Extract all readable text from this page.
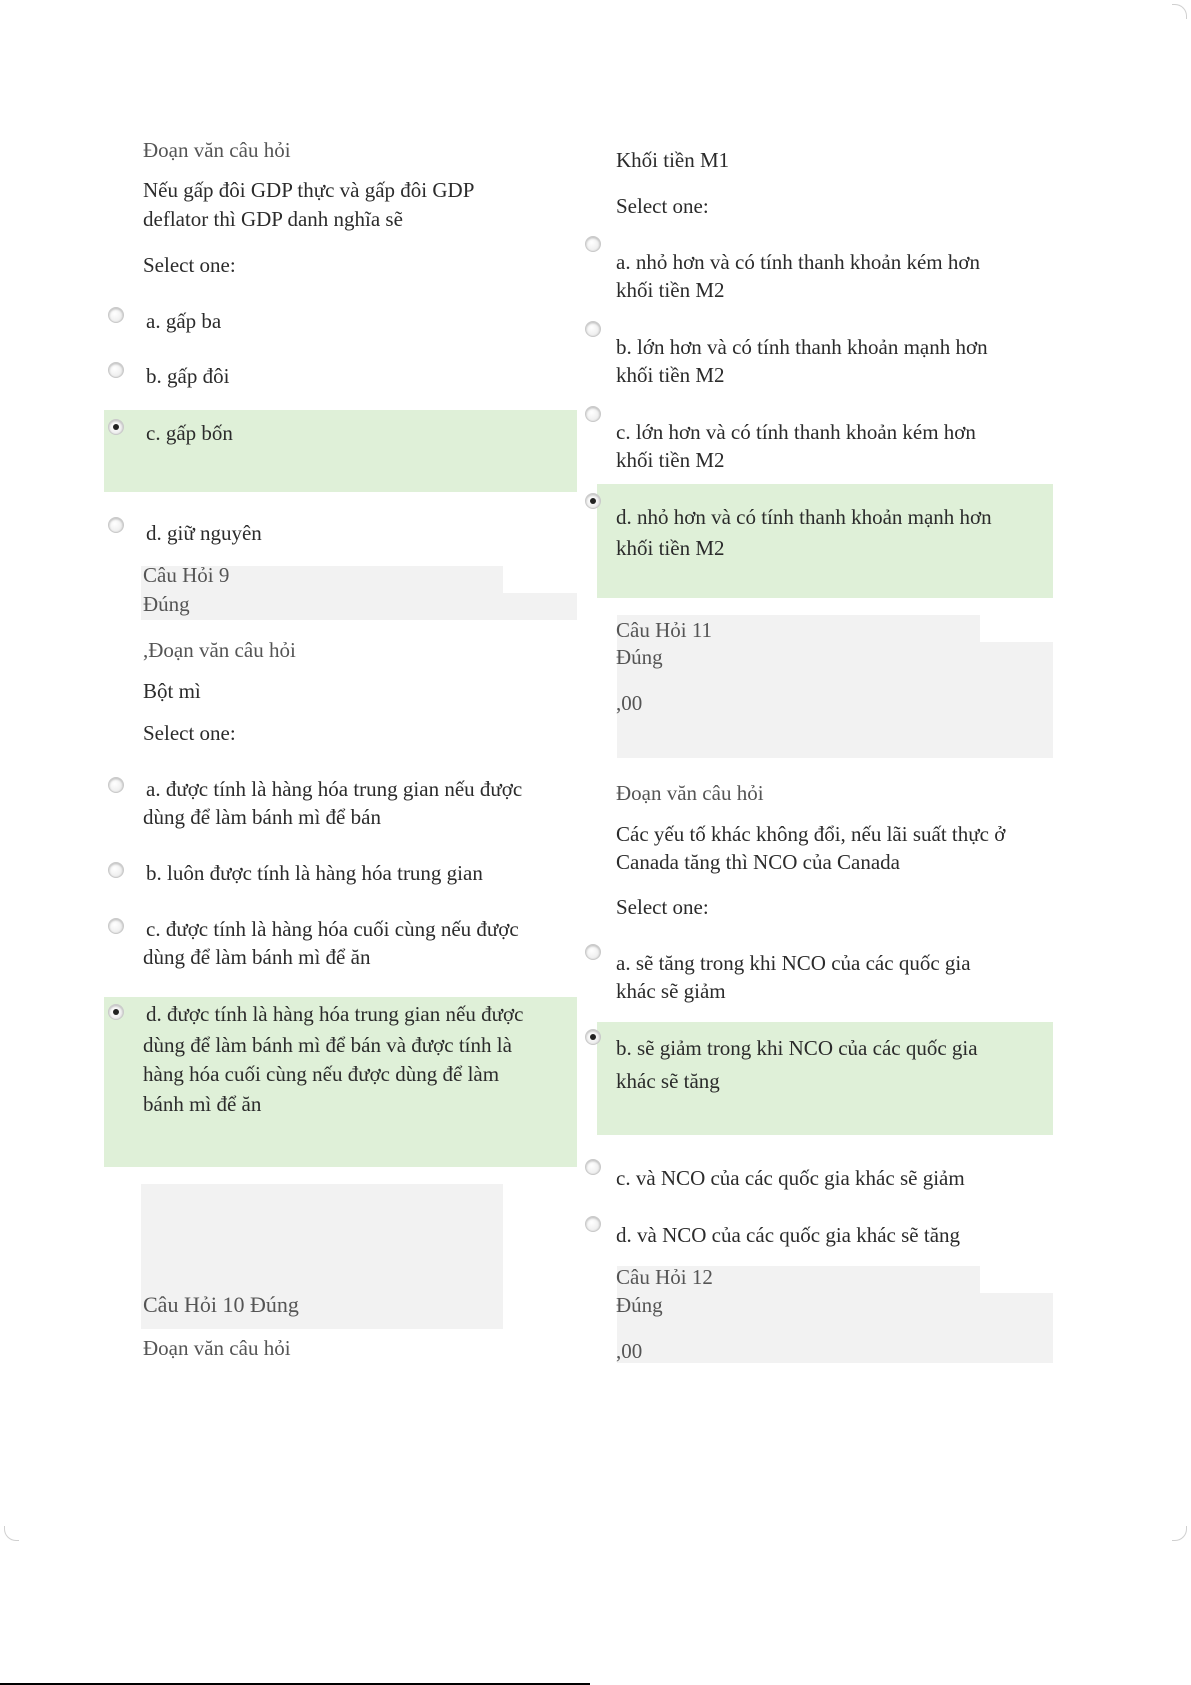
Đoạn văn câu hỏi
Nếu gấp đôi GDP thực và gấp đôi GDP
deflator thì GDP danh nghĩa sẽ
Select one:
a. gấp ba
b. gấp đôi
c. gấp bốn
d. giữ nguyên
Câu Hỏi 9
Đúng
,Đoạn văn câu hỏi
Bột mì
Select one:
a. được tính là hàng hóa trung gian nếu được
dùng để làm bánh mì để bán
b. luôn được tính là hàng hóa trung gian
c. được tính là hàng hóa cuối cùng nếu được
dùng để làm bánh mì để ăn
d. được tính là hàng hóa trung gian nếu được
dùng để làm bánh mì để bán và được tính là
hàng hóa cuối cùng nếu được dùng để làm
bánh mì để ăn
Câu Hỏi 10 Đúng
Đoạn văn câu hỏi
Khối tiền M1
Select one:
a. nhỏ hơn và có tính thanh khoản kém hơn
khối tiền M2
b. lớn hơn và có tính thanh khoản mạnh hơn
khối tiền M2
c. lớn hơn và có tính thanh khoản kém hơn
khối tiền M2
d. nhỏ hơn và có tính thanh khoản mạnh hơn
khối tiền M2
Câu Hỏi 11
Đúng
,00
Đoạn văn câu hỏi
Các yếu tố khác không đổi, nếu lãi suất thực ở
Canada tăng thì NCO của Canada
Select one:
a. sẽ tăng trong khi NCO của các quốc gia
khác sẽ giảm
b. sẽ giảm trong khi NCO của các quốc gia
khác sẽ tăng
c. và NCO của các quốc gia khác sẽ giảm
d. và NCO của các quốc gia khác sẽ tăng
Câu Hỏi 12
Đúng
,00
